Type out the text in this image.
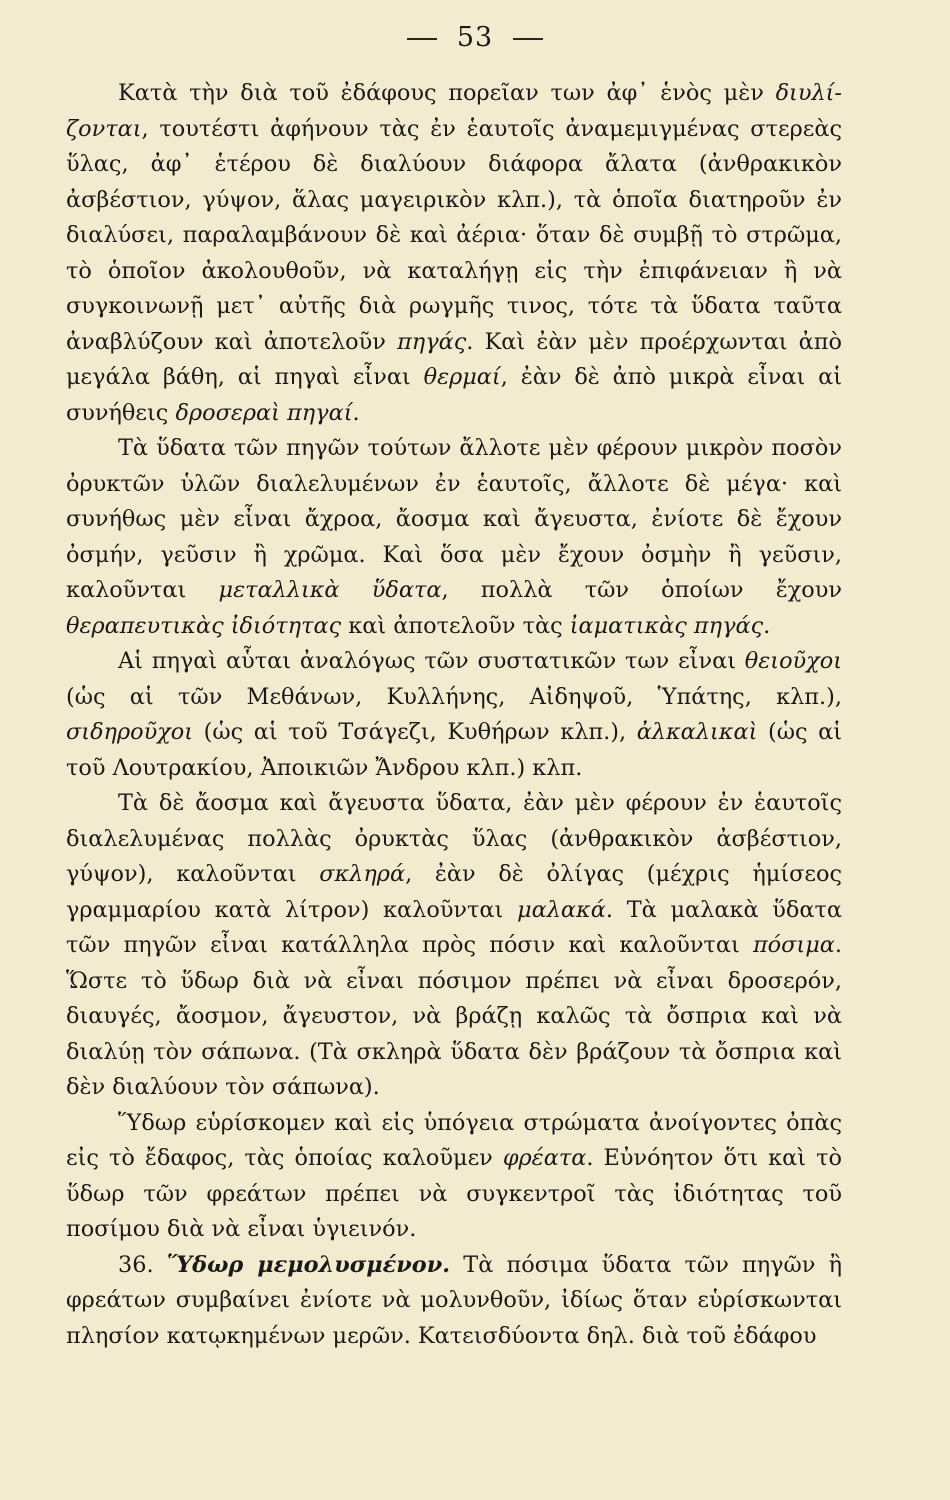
53

Κατὰ τὴν διὰ τοῦ ἐδάφους πορεῖαν των ἀφ᾽ ἑνὸς μὲν διυλί-ζονται, τουτέστι ἀφήνουν τὰς ἐν ἑαυτοῖς ἀναμεμιγμένας στερεὰς ὕλας, ἀφ᾽ ἑτέρου δὲ διαλύουν διάφορα ἄλατα (ἀνθρακικὸν ἀσβέστιον, γύψον, ἅλας μαγειρικὸν κλπ.), τὰ ὁποῖα διατηροῦν ἐν διαλύσει, παραλαμβάνουν δὲ καὶ ἀέρια· ὅταν δὲ συμβῇ τὸ στρῶμα, τὸ ὁποῖον ἀκολουθοῦν, νὰ καταλήγῃ εἰς τὴν ἐπιφάνειαν ἢ νὰ συγκοινωνῇ μετ᾽ αὐτῆς διὰ ρωγμῆς τινος, τότε τὰ ὕδατα ταῦτα ἀναβλύζουν καὶ ἀποτελοῦν πηγάς. Καὶ ἐὰν μὲν προέρχωνται ἀπὸ μεγάλα βάθη, αἱ πηγαὶ εἶναι θερμαί, ἐὰν δὲ ἀπὸ μικρὰ εἶναι αἱ συνήθεις δροσεραὶ πηγαί.

Τὰ ὕδατα τῶν πηγῶν τούτων ἄλλοτε μὲν φέρουν μικρὸν ποσὸν ὀρυκτῶν ὑλῶν διαλελυμένων ἐν ἑαυτοῖς, ἄλλοτε δὲ μέγα· καὶ συνήθως μὲν εἶναι ἄχροα, ἄοσμα καὶ ἄγευστα, ἐνίοτε δὲ ἔχουν ὀσμήν, γεῦσιν ἢ χρῶμα. Καὶ ὅσα μὲν ἔχουν ὀσμὴν ἢ γεῦσιν, καλοῦνται μεταλλικὰ ὕδατα, πολλὰ τῶν ὁποίων ἔχουν θεραπευτικὰς ἰδιότητας καὶ ἀποτελοῦν τὰς ἰαματικὰς πηγάς.

Αἱ πηγαὶ αὗται ἀναλόγως τῶν συστατικῶν των εἶναι θειοῦχοι (ὡς αἱ τῶν Μεθάνων, Κυλλήνης, Αἰδηψοῦ, Ὑπάτης, κλπ.), σιδηροῦχοι (ὡς αἱ τοῦ Τσάγεζι, Κυθήρων κλπ.), ἀλκαλικαὶ (ὡς αἱ τοῦ Λουτρακίου, Ἀποικιῶν Ἄνδρου κλπ.) κλπ.

Τὰ δὲ ἄοσμα καὶ ἄγευστα ὕδατα, ἐὰν μὲν φέρουν ἐν ἑαυτοῖς διαλελυμένας πολλὰς ὀρυκτὰς ὕλας (ἀνθρακικὸν ἀσβέστιον, γύψον), καλοῦνται σκληρά, ἐὰν δὲ ὀλίγας (μέχρις ἡμίσεος γραμμαρίου κατὰ λίτρον) καλοῦνται μαλακά. Τὰ μαλακὰ ὕδατα τῶν πηγῶν εἶναι κατάλληλα πρὸς πόσιν καὶ καλοῦνται πόσιμα. Ὥστε τὸ ὕδωρ διὰ νὰ εἶναι πόσιμον πρέπει νὰ εἶναι δροσερόν, διαυγές, ἄοσμον, ἄγευστον, νὰ βράζῃ καλῶς τὰ ὄσπρια καὶ νὰ διαλύῃ τὸν σάπωνα. (Τὰ σκληρὰ ὕδατα δὲν βράζουν τὰ ὄσπρια καὶ δὲν διαλύουν τὸν σάπωνα).

Ὕδωρ εὑρίσκομεν καὶ εἰς ὑπόγεια στρώματα ἀνοίγοντες ὀπὰς εἰς τὸ ἔδαφος, τὰς ὁποίας καλοῦμεν φρέατα. Εὐνόητον ὅτι καὶ τὸ ὕδωρ τῶν φρεάτων πρέπει νὰ συγκεντροῖ τὰς ἰδιότητας τοῦ ποσίμου διὰ νὰ εἶναι ὑγιεινόν.

36. Ὕδωρ μεμολυσμένον. Τὰ πόσιμα ὕδατα τῶν πηγῶν ἢ φρεάτων συμβαίνει ἐνίοτε νὰ μολυνθοῦν, ἰδίως ὅταν εὑρίσκωνται πλησίον κατῳκημένων μερῶν. Κατεισδύοντα δηλ. διὰ τοῦ ἐδάφου
